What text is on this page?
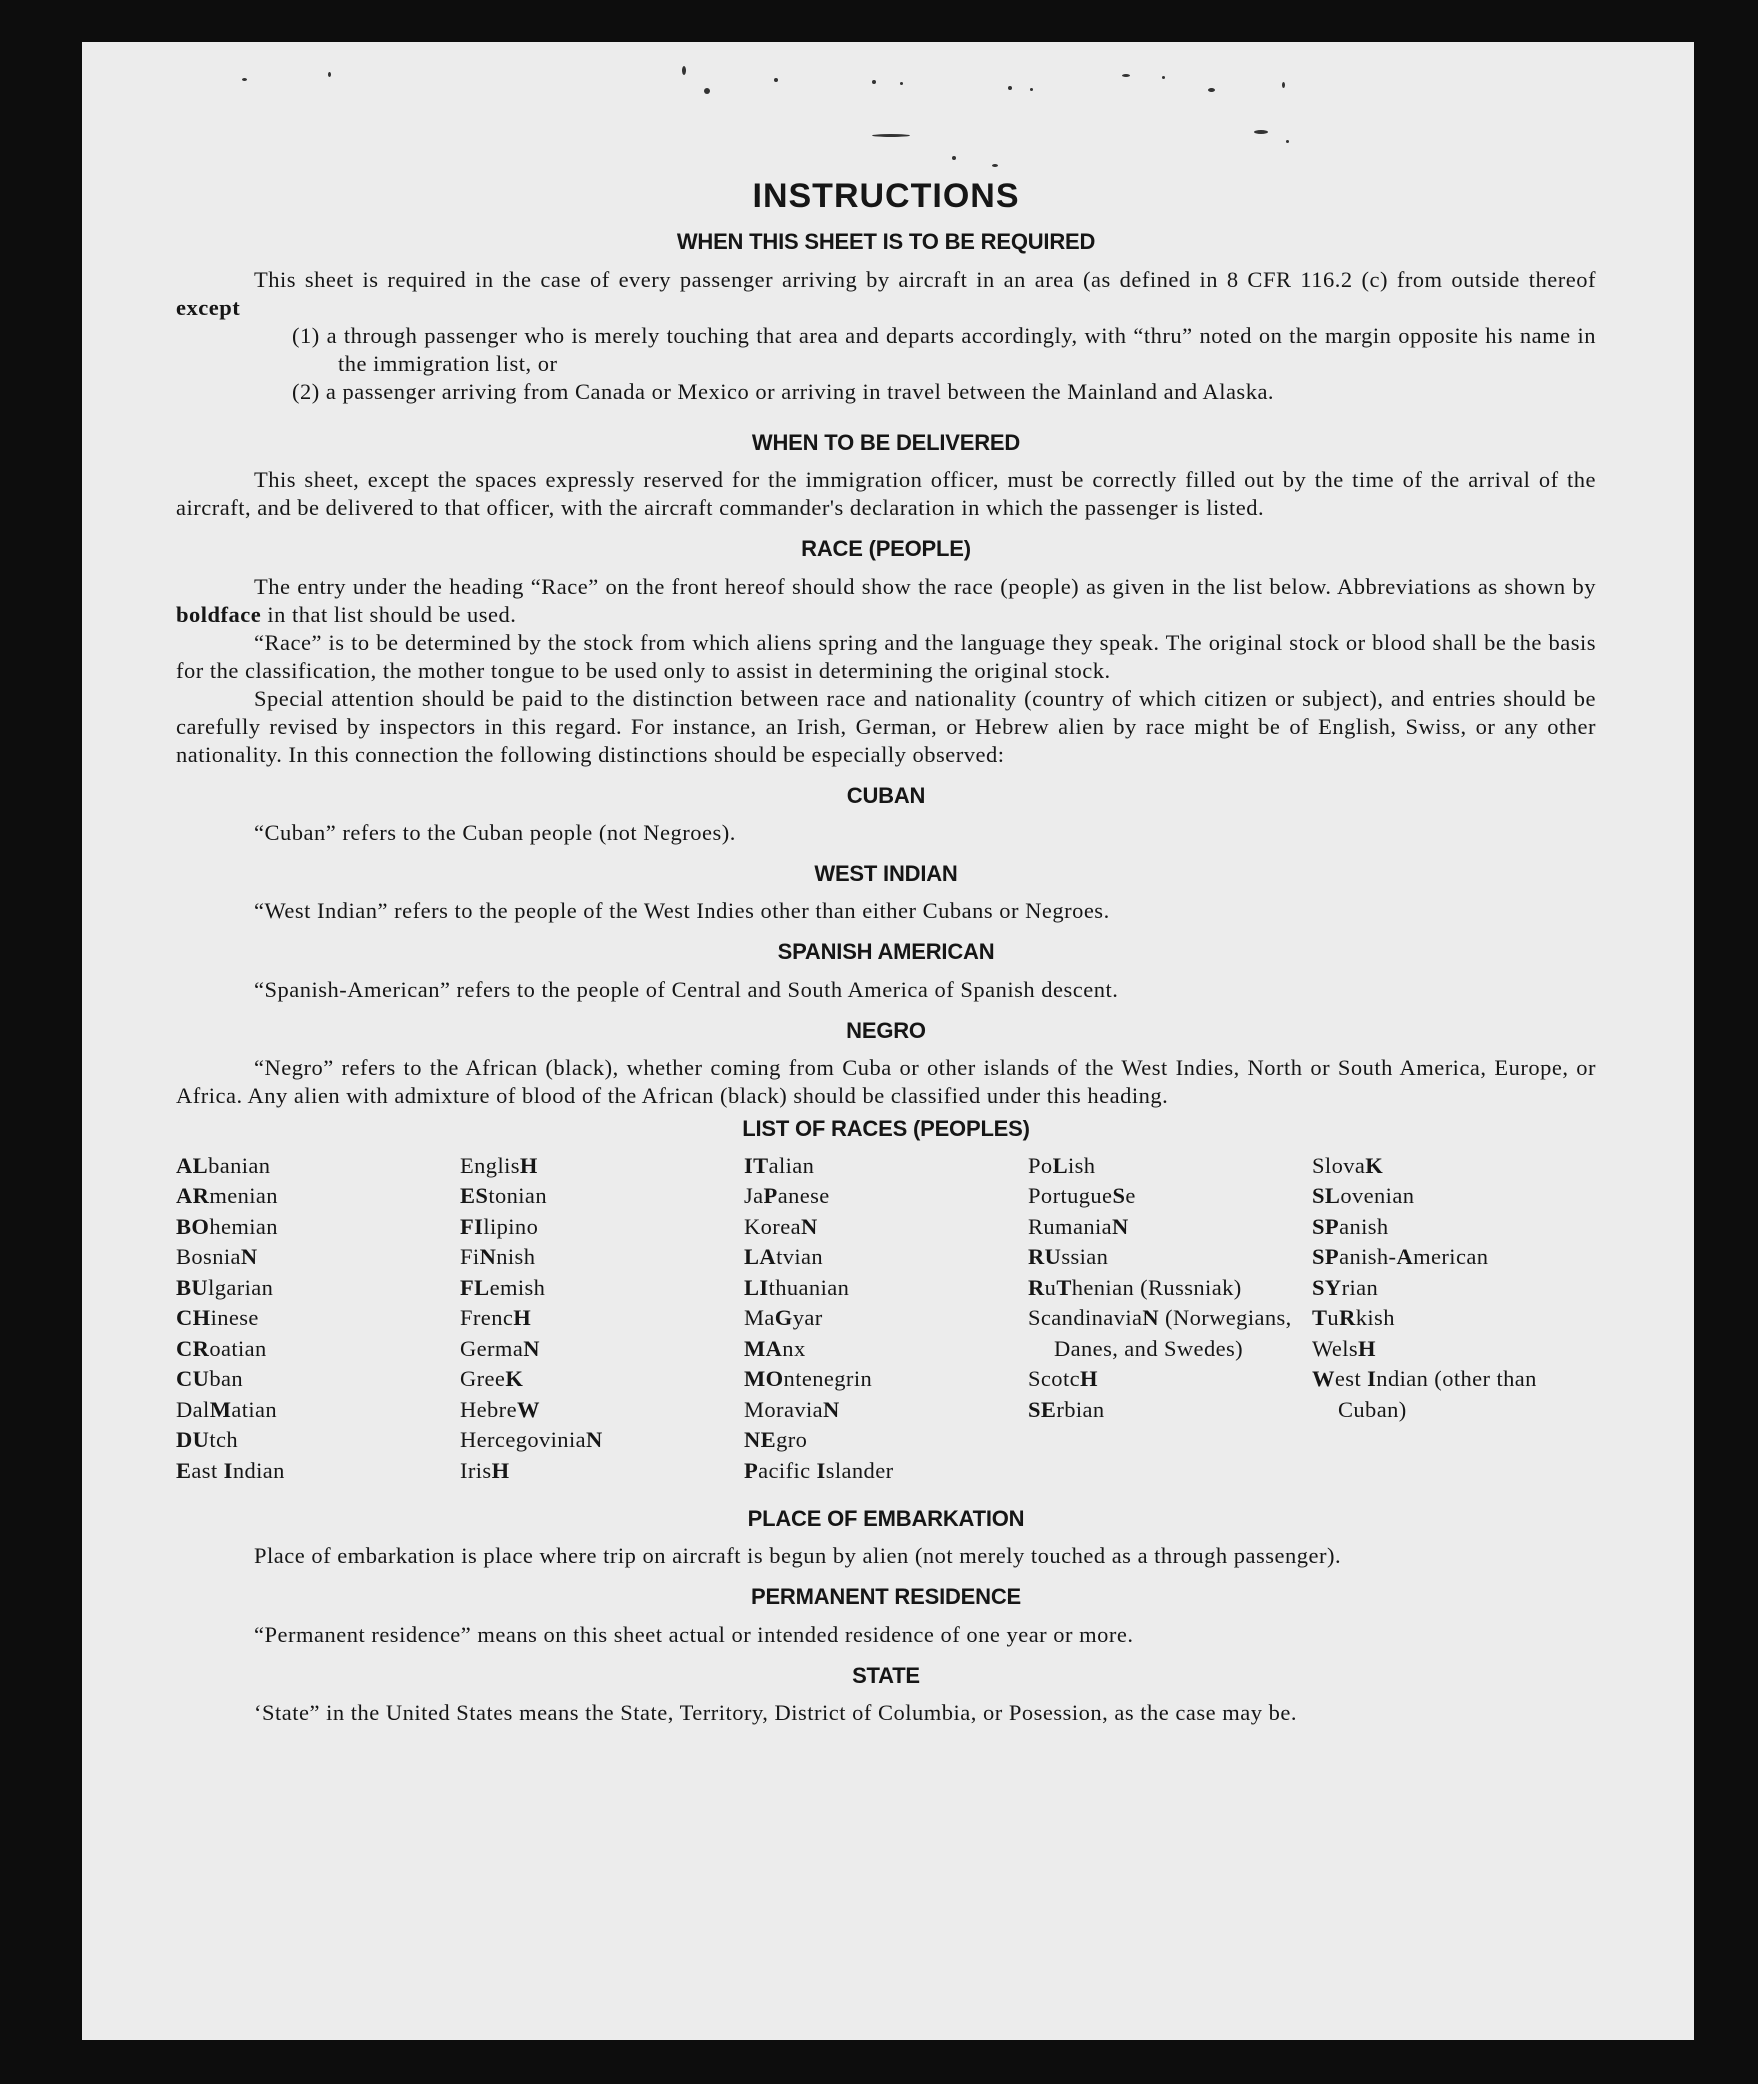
INSTRUCTIONS
WHEN THIS SHEET IS TO BE REQUIRED

This sheet is required in the case of every passenger arriving by aircraft in an area (as defined in 8 CFR 116.2 (c) from outside thereof except

(1) a through passenger who is merely touching that area and departs accordingly, with “thru” noted on the margin opposite his name in the immigration list, or

(2) a passenger arriving from Canada or Mexico or arriving in travel between the Mainland and Alaska.

WHEN TO BE DELIVERED

This sheet, except the spaces expressly reserved for the immigration officer, must be correctly filled out by the time of the arrival of the aircraft, and be delivered to that officer, with the aircraft commander's declaration in which the passenger is listed.

RACE (PEOPLE)

The entry under the heading “Race” on the front hereof should show the race (people) as given in the list below. Abbreviations as shown by boldface in that list should be used.

“Race” is to be determined by the stock from which aliens spring and the language they speak. The original stock or blood shall be the basis for the classification, the mother tongue to be used only to assist in determining the original stock.

Special attention should be paid to the distinction between race and nationality (country of which citizen or subject), and entries should be carefully revised by inspectors in this regard. For instance, an Irish, German, or Hebrew alien by race might be of English, Swiss, or any other nationality. In this connection the following distinctions should be especially observed:

CUBAN

“Cuban” refers to the Cuban people (not Negroes).

WEST INDIAN

“West Indian” refers to the people of the West Indies other than either Cubans or Negroes.

SPANISH AMERICAN

“Spanish-American” refers to the people of Central and South America of Spanish descent.

NEGRO

“Negro” refers to the African (black), whether coming from Cuba or other islands of the West Indies, North or South America, Europe, or Africa. Any alien with admixture of blood of the African (black) should be classified under this heading.

LIST OF RACES (PEOPLES)
ALbanian
ARmenian
BOhemian
BosniaN
BUlgarian
CHinese
CRoatian
CUban
DalMatian
DUtch
East Indian
EnglisH
EStonian
FIlipino
FiNnish
FLemish
FrencH
GermaN
GreeK
HebreW
HercegoviniaN
IrisH
ITalian
JaPanese
KoreaN
LAtvian
LIthuanian
MaGyar
MAnx
MOntenegrin
MoraviaN
NEgro
Pacific Islander
PoLish
PortugueSe
RumaniaN
RUssian
RuThenian (Russniak)
ScandinaviaN (Norwegians, Danes, and Swedes)
ScotcH
SErbian
SlovaK
SLovenian
SPanish
SPanish-American
SYrian
TuRkish
WelsH
West Indian (other than Cuban)
PLACE OF EMBARKATION

Place of embarkation is place where trip on aircraft is begun by alien (not merely touched as a through passenger).

PERMANENT RESIDENCE

“Permanent residence” means on this sheet actual or intended residence of one year or more.

STATE

‘State” in the United States means the State, Territory, District of Columbia, or Posession, as the case may be.
